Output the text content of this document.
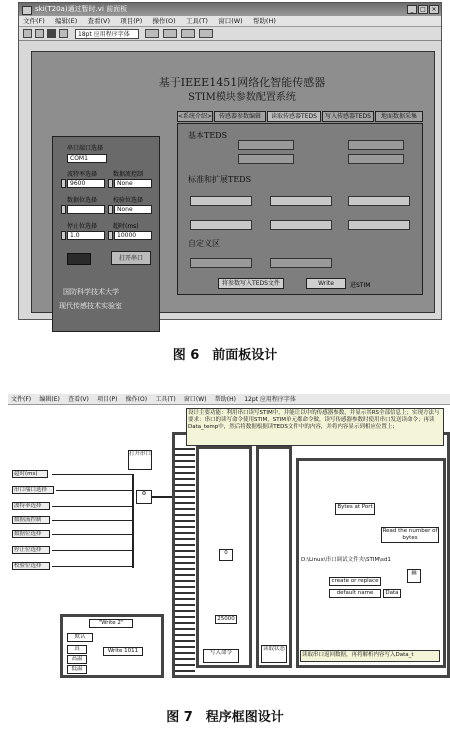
ski(T20a)通过暂时.vi 前面板	_	□ ×
文件(F) 编辑(E) 查看(V) 项目(P) 操作(O) 工具(T) 窗口(W) 帮助(H)
18pt 应用程序字体
基于IEEE1451网络化智能传感器
STIM模块参数配置系统
串口端口选择
COM1
波特率选择	数据流控制
9600	None
数据位选择	校验位选择
None
停止位选择	超时(ms)
1.0	10000
打开串口
国防科学技术大学
现代传感技术实验室
<系统介绍>	传感器参数编辑	读取传感器TEDS	写入传感器TEDS	地面数据采集
基本TEDS
标准和扩展TEDS
自定义区
将参数写入TEDS文件	Write	进STIM
图 6　前面板设计
文件(F) 编辑(E) 查看(V) 项目(P) 操作(O) 工具(T) 窗口(W) 帮助(H) 12pt 应用程序字体
超时(ms)
串口端口选择
波特率选择
数据流控制
数据位选择
停止位选择
校验位选择
打开串口
⚙
"Write 2"
默认
真
高温
低温
Write 1011
0
25000
写入命令
读取状态
设计主要功能：利用串口读写STIM中，并能让以中的传感器参数，并显示其RS全部信息上；实现方法与要求：串口的读写命令使用STIM，STIM单元都命令做，读写传感器参数时使用串口发送读命令；再读Data_temp中，然后将数据根据读TEDS文件中的内容，并将内容显示到相应位置上；
Bytes at Port
Read the number of bytes
D:\Linux\串口调试文件夹\STIM\sd1
create or replace
default name	Data
▤
读取串口返回数据，再将解析内容写入Data_t
图 7　程序框图设计
